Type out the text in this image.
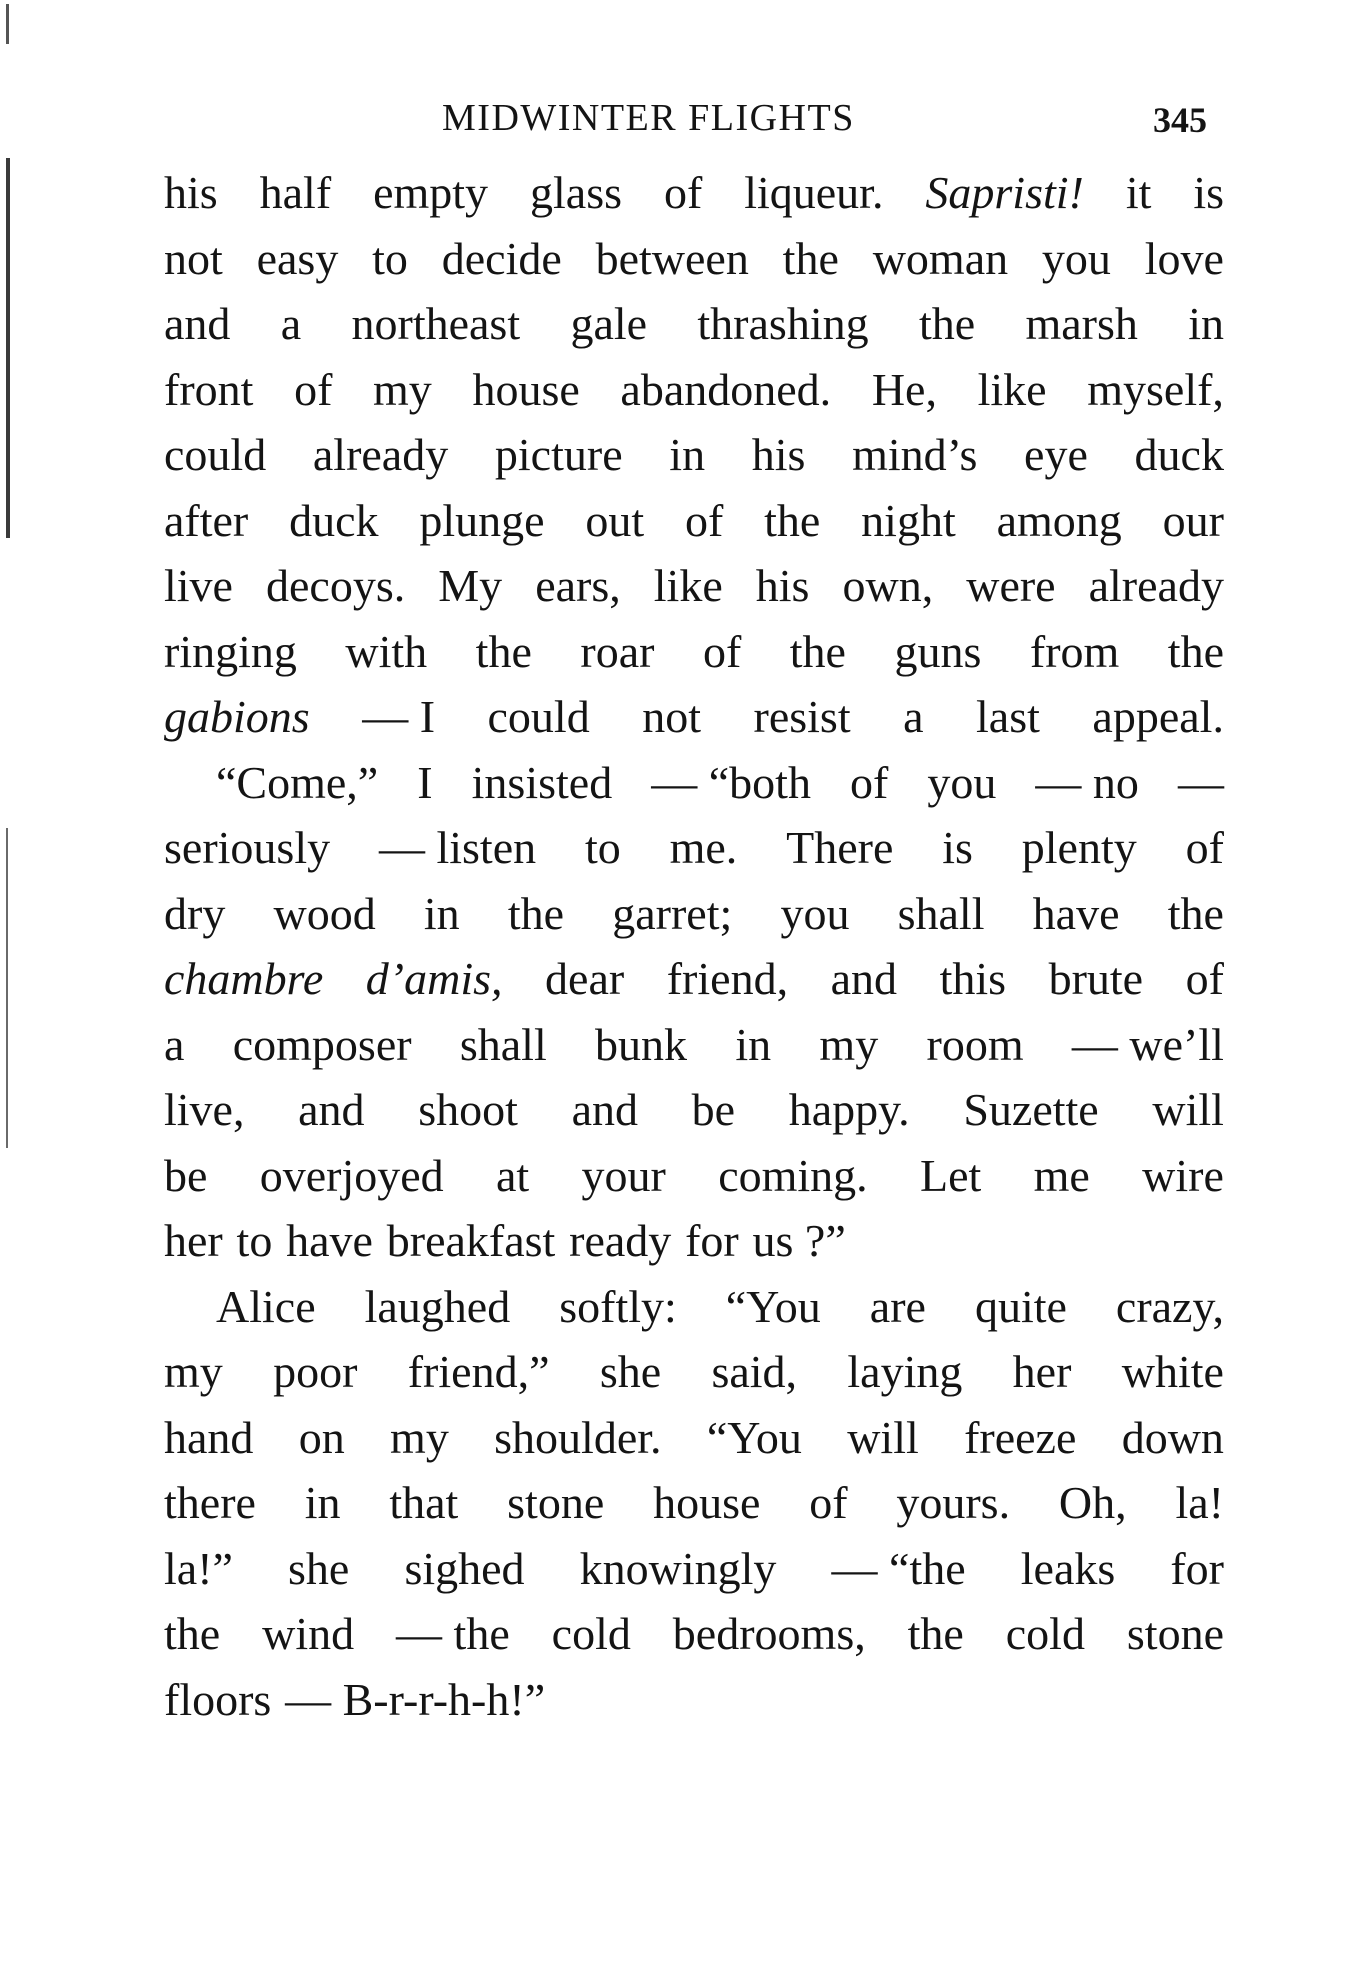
MIDWINTER FLIGHTS	345
his half empty glass of liqueur. Sapristi! it is
not easy to decide between the woman you love
and a northeast gale thrashing the marsh in
front of my house abandoned. He, like myself,
could already picture in his mind’s eye duck
after duck plunge out of the night among our
live decoys. My ears, like his own, were already
ringing with the roar of the guns from the
gabions — I could not resist a last appeal.
“Come,” I insisted — “both of you — no —
seriously — listen to me. There is plenty of
dry wood in the garret; you shall have the
chambre d’amis, dear friend, and this brute of
a composer shall bunk in my room — we’ll
live, and shoot and be happy. Suzette will
be overjoyed at your coming. Let me wire
her to have breakfast ready for us ?”
Alice laughed softly: “You are quite crazy,
my poor friend,” she said, laying her white
hand on my shoulder. “You will freeze down
there in that stone house of yours. Oh, la!
la!” she sighed knowingly — “the leaks for
the wind — the cold bedrooms, the cold stone
floors — B-r-r-h-h!”
